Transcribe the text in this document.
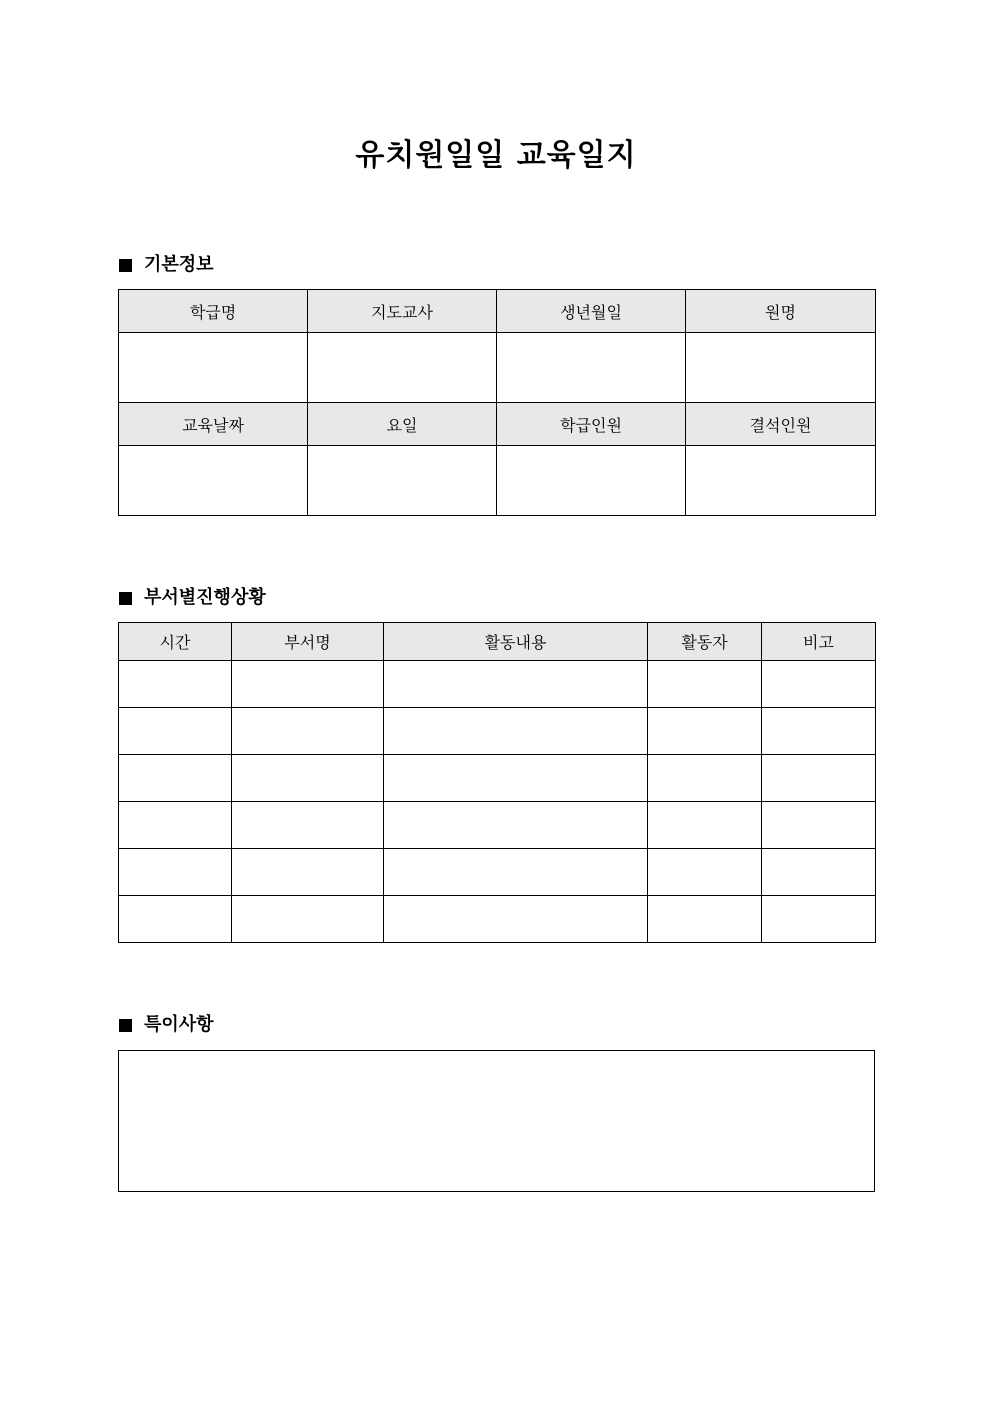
유치원일일 교육일지
기본정보
학급명	지도교사	생년월일	원명

교육날짜	요일	학급인원	결석인원

부서별진행상황
시간	부서명	활동내용	활동자	비고

특이사항
